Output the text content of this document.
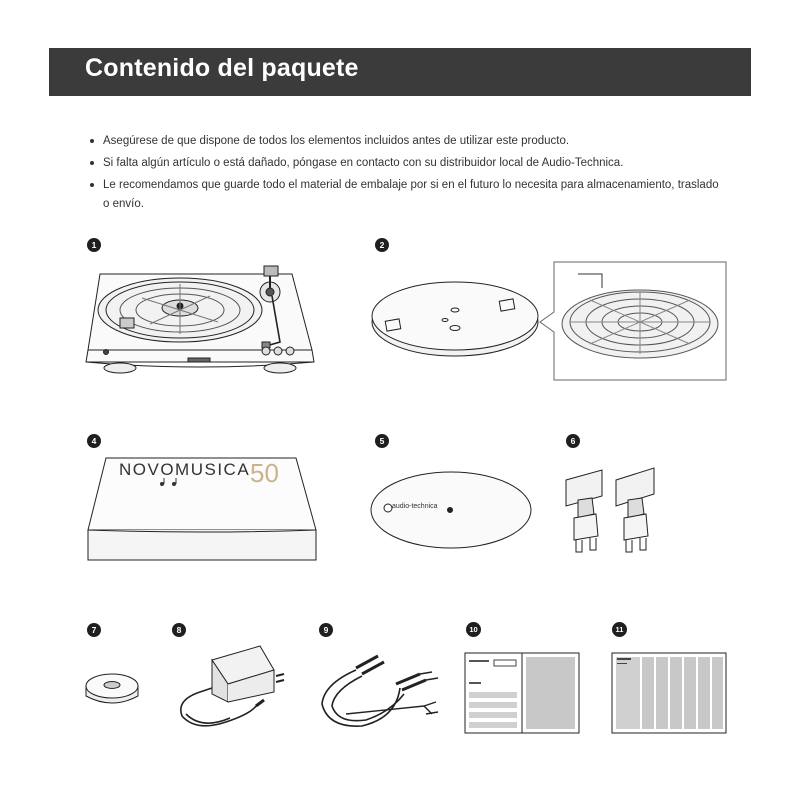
Contenido del paquete
Asegúrese de que dispone de todos los elementos incluidos antes de utilizar este producto.
Si falta algún artículo o está dañado, póngase en contacto con su distribuidor local de Audio-Technica.
Le recomendamos que guarde todo el material de embalaje por si en el futuro lo necesita para almacenamiento, traslado o envío.
1	2
4	5	6
7	8	9	10	11
NOVOMUSICA 50
audio-technica
